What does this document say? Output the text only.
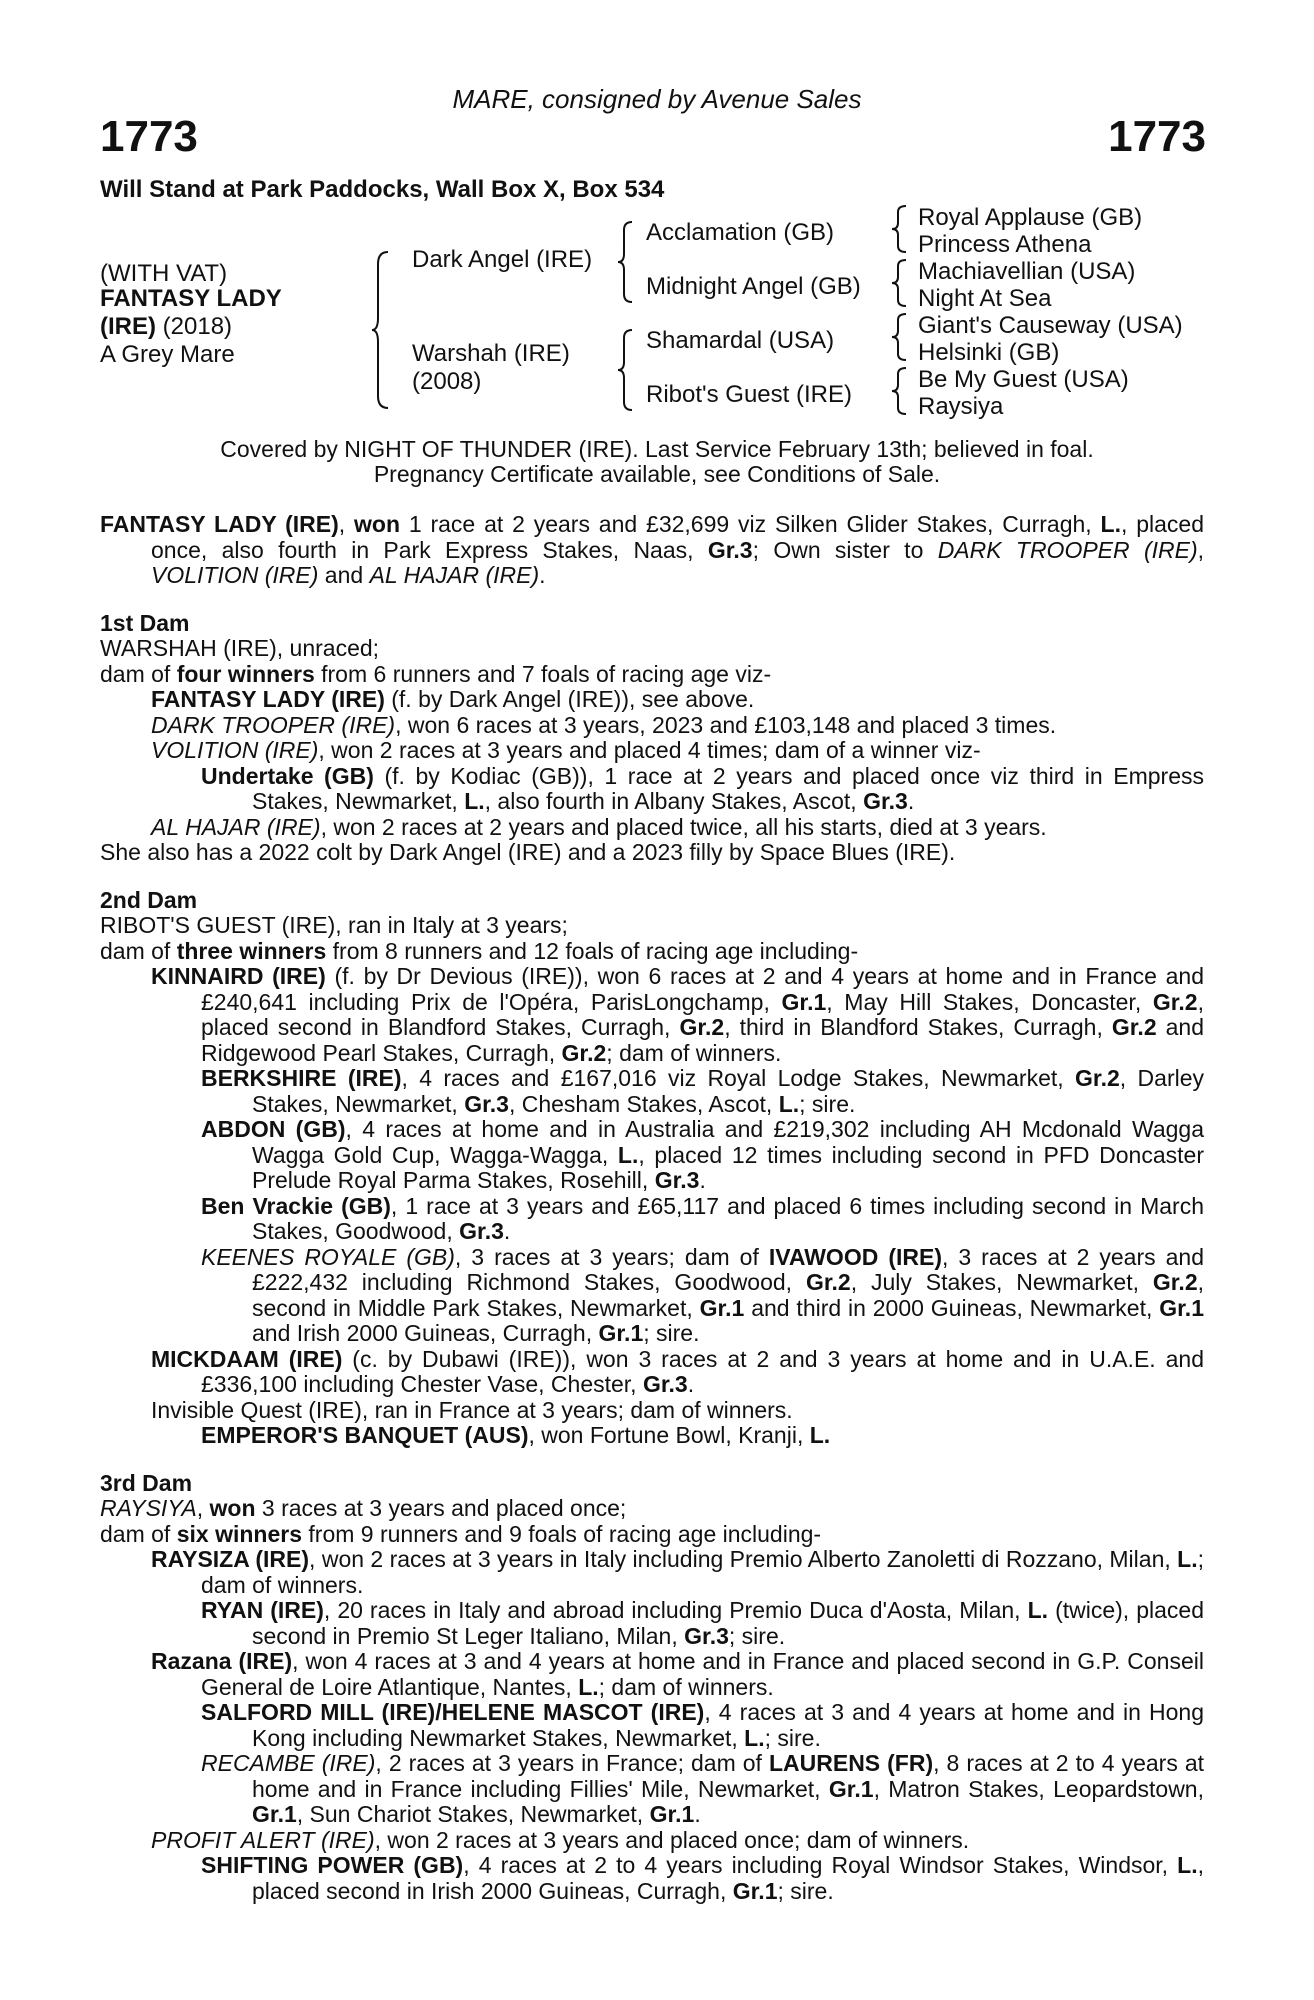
MARE, consigned by Avenue Sales
1773	1773
Will Stand at Park Paddocks, Wall Box X, Box 534
(WITH VAT)
FANTASY LADY
(IRE) (2018)
A Grey Mare
Dark Angel (IRE)
Warshah (IRE)
(2008)
Acclamation (GB)
Midnight Angel (GB)
Shamardal (USA)
Ribot's Guest (IRE)
Royal Applause (GB)
Princess Athena
Machiavellian (USA)
Night At Sea
Giant's Causeway (USA)
Helsinki (GB)
Be My Guest (USA)
Raysiya
Covered by NIGHT OF THUNDER (IRE). Last Service February 13th; believed in foal.
Pregnancy Certificate available, see Conditions of Sale.

FANTASY LADY (IRE), won 1 race at 2 years and £32,699 viz Silken Glider Stakes, Curragh, L., placed once, also fourth in Park Express Stakes, Naas, Gr.3; Own sister to DARK TROOPER (IRE), VOLITION (IRE) and AL HAJAR (IRE).

1st Dam

WARSHAH (IRE), unraced;

dam of four winners from 6 runners and 7 foals of racing age viz-

FANTASY LADY (IRE) (f. by Dark Angel (IRE)), see above.

DARK TROOPER (IRE), won 6 races at 3 years, 2023 and £103,148 and placed 3 times.

VOLITION (IRE), won 2 races at 3 years and placed 4 times; dam of a winner viz-

Undertake (GB) (f. by Kodiac (GB)), 1 race at 2 years and placed once viz third in Empress Stakes, Newmarket, L., also fourth in Albany Stakes, Ascot, Gr.3.

AL HAJAR (IRE), won 2 races at 2 years and placed twice, all his starts, died at 3 years.

She also has a 2022 colt by Dark Angel (IRE) and a 2023 filly by Space Blues (IRE).

2nd Dam

RIBOT'S GUEST (IRE), ran in Italy at 3 years;

dam of three winners from 8 runners and 12 foals of racing age including-

KINNAIRD (IRE) (f. by Dr Devious (IRE)), won 6 races at 2 and 4 years at home and in France and £240,641 including Prix de l'Opéra, ParisLongchamp, Gr.1, May Hill Stakes, Doncaster, Gr.2, placed second in Blandford Stakes, Curragh, Gr.2, third in Blandford Stakes, Curragh, Gr.2 and Ridgewood Pearl Stakes, Curragh, Gr.2; dam of winners.

BERKSHIRE (IRE), 4 races and £167,016 viz Royal Lodge Stakes, Newmarket, Gr.2, Darley Stakes, Newmarket, Gr.3, Chesham Stakes, Ascot, L.; sire.

ABDON (GB), 4 races at home and in Australia and £219,302 including AH Mcdonald Wagga Wagga Gold Cup, Wagga-Wagga, L., placed 12 times including second in PFD Doncaster Prelude Royal Parma Stakes, Rosehill, Gr.3.

Ben Vrackie (GB), 1 race at 3 years and £65,117 and placed 6 times including second in March Stakes, Goodwood, Gr.3.

KEENES ROYALE (GB), 3 races at 3 years; dam of IVAWOOD (IRE), 3 races at 2 years and £222,432 including Richmond Stakes, Goodwood, Gr.2, July Stakes, Newmarket, Gr.2, second in Middle Park Stakes, Newmarket, Gr.1 and third in 2000 Guineas, Newmarket, Gr.1 and Irish 2000 Guineas, Curragh, Gr.1; sire.

MICKDAAM (IRE) (c. by Dubawi (IRE)), won 3 races at 2 and 3 years at home and in U.A.E. and £336,100 including Chester Vase, Chester, Gr.3.

Invisible Quest (IRE), ran in France at 3 years; dam of winners.

EMPEROR'S BANQUET (AUS), won Fortune Bowl, Kranji, L.

3rd Dam

RAYSIYA, won 3 races at 3 years and placed once;

dam of six winners from 9 runners and 9 foals of racing age including-

RAYSIZA (IRE), won 2 races at 3 years in Italy including Premio Alberto Zanoletti di Rozzano, Milan, L.; dam of winners.

RYAN (IRE), 20 races in Italy and abroad including Premio Duca d'Aosta, Milan, L. (twice), placed second in Premio St Leger Italiano, Milan, Gr.3; sire.

Razana (IRE), won 4 races at 3 and 4 years at home and in France and placed second in G.P. Conseil General de Loire Atlantique, Nantes, L.; dam of winners.

SALFORD MILL (IRE)/HELENE MASCOT (IRE), 4 races at 3 and 4 years at home and in Hong Kong including Newmarket Stakes, Newmarket, L.; sire.

RECAMBE (IRE), 2 races at 3 years in France; dam of LAURENS (FR), 8 races at 2 to 4 years at home and in France including Fillies' Mile, Newmarket, Gr.1, Matron Stakes, Leopardstown, Gr.1, Sun Chariot Stakes, Newmarket, Gr.1.

PROFIT ALERT (IRE), won 2 races at 3 years and placed once; dam of winners.

SHIFTING POWER (GB), 4 races at 2 to 4 years including Royal Windsor Stakes, Windsor, L., placed second in Irish 2000 Guineas, Curragh, Gr.1; sire.
